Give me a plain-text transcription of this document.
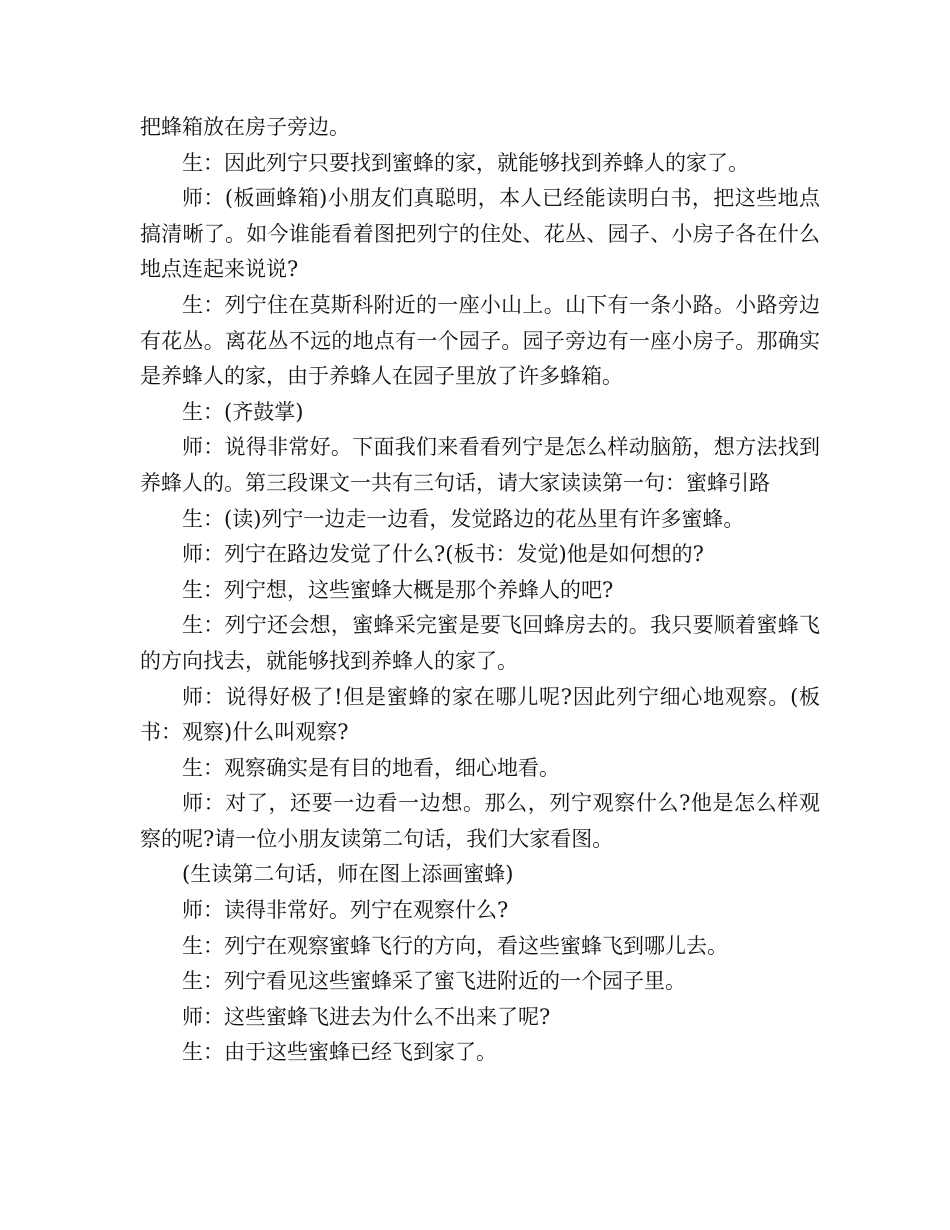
把蜂箱放在房子旁边。

生：因此列宁只要找到蜜蜂的家，就能够找到养蜂人的家了。

师：(板画蜂箱)小朋友们真聪明，本人已经能读明白书，把这些地点搞清晰了。如今谁能看着图把列宁的住处、花丛、园子、小房子各在什么地点连起来说说?

生：列宁住在莫斯科附近的一座小山上。山下有一条小路。小路旁边有花丛。离花丛不远的地点有一个园子。园子旁边有一座小房子。那确实是养蜂人的家，由于养蜂人在园子里放了许多蜂箱。

生：(齐鼓掌)

师：说得非常好。下面我们来看看列宁是怎么样动脑筋，想方法找到养蜂人的。第三段课文一共有三句话，请大家读读第一句：蜜蜂引路

生：(读)列宁一边走一边看，发觉路边的花丛里有许多蜜蜂。

师：列宁在路边发觉了什么?(板书：发觉)他是如何想的?

生：列宁想，这些蜜蜂大概是那个养蜂人的吧?

生：列宁还会想，蜜蜂采完蜜是要飞回蜂房去的。我只要顺着蜜蜂飞的方向找去，就能够找到养蜂人的家了。

师：说得好极了!但是蜜蜂的家在哪儿呢?因此列宁细心地观察。(板书：观察)什么叫观察?

生：观察确实是有目的地看，细心地看。

师：对了，还要一边看一边想。那么，列宁观察什么?他是怎么样观察的呢?请一位小朋友读第二句话，我们大家看图。

(生读第二句话，师在图上添画蜜蜂)

师：读得非常好。列宁在观察什么?

生：列宁在观察蜜蜂飞行的方向，看这些蜜蜂飞到哪儿去。

生：列宁看见这些蜜蜂采了蜜飞进附近的一个园子里。

师：这些蜜蜂飞进去为什么不出来了呢?

生：由于这些蜜蜂已经飞到家了。
